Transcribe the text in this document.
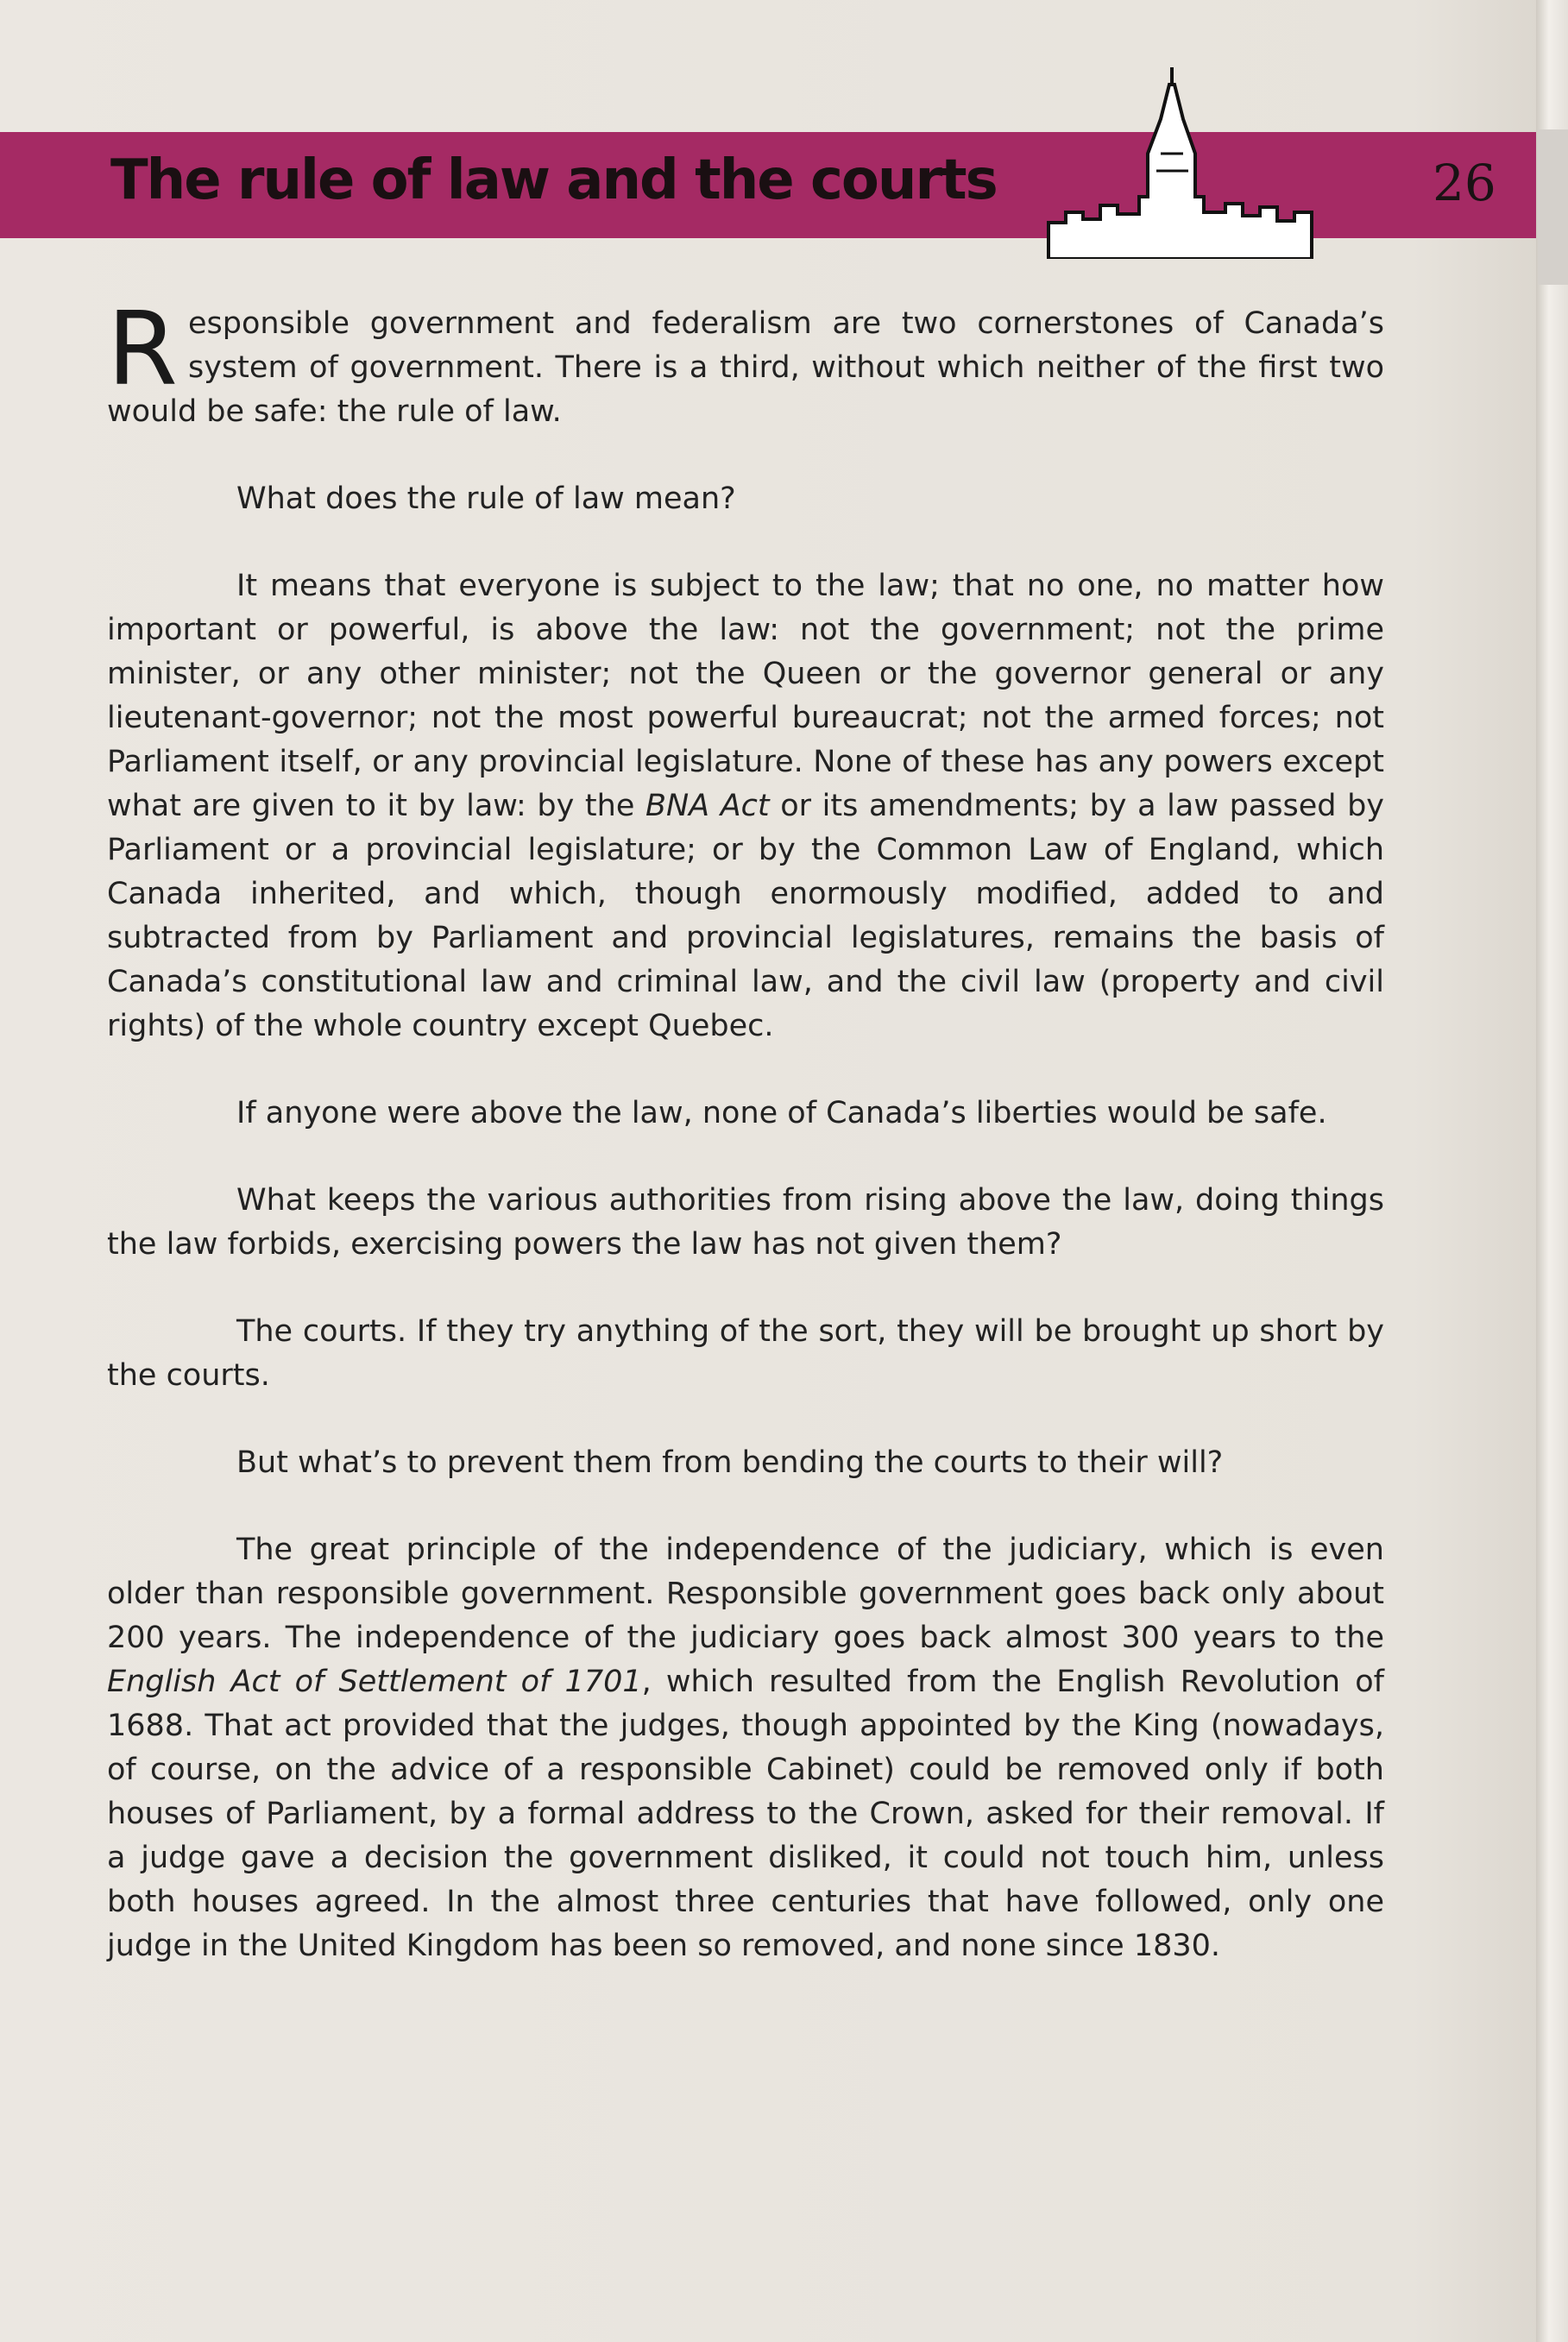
The rule of law and the courts	26

Responsible government and federalism are two cornerstones of Canada’s system of government. There is a third, without which neither of the first two would be safe: the rule of law.

What does the rule of law mean?

It means that everyone is subject to the law; that no one, no matter how important or powerful, is above the law: not the government; not the prime minister, or any other minister; not the Queen or the governor general or any lieutenant-governor; not the most powerful bureaucrat; not the armed forces; not Parliament itself, or any provincial legislature. None of these has any powers except what are given to it by law: by the BNA Act or its amendments; by a law passed by Parliament or a provincial legislature; or by the Common Law of England, which Canada inherited, and which, though enormously modified, added to and subtracted from by Parliament and provincial legislatures, remains the basis of Canada’s constitutional law and criminal law, and the civil law (property and civil rights) of the whole country except Quebec.

If anyone were above the law, none of Canada’s liberties would be safe.

What keeps the various authorities from rising above the law, doing things the law forbids, exercising powers the law has not given them?

The courts. If they try anything of the sort, they will be brought up short by the courts.

But what’s to prevent them from bending the courts to their will?

The great principle of the independence of the judiciary, which is even older than responsible government. Responsible government goes back only about 200 years. The independence of the judiciary goes back almost 300 years to the English Act of Settlement of 1701, which resulted from the English Revolution of 1688. That act provided that the judges, though appointed by the King (nowadays, of course, on the advice of a responsible Cabinet) could be removed only if both houses of Parliament, by a formal address to the Crown, asked for their removal. If a judge gave a decision the government disliked, it could not touch him, unless both houses agreed. In the almost three centuries that have followed, only one judge in the United Kingdom has been so removed, and none since 1830.
